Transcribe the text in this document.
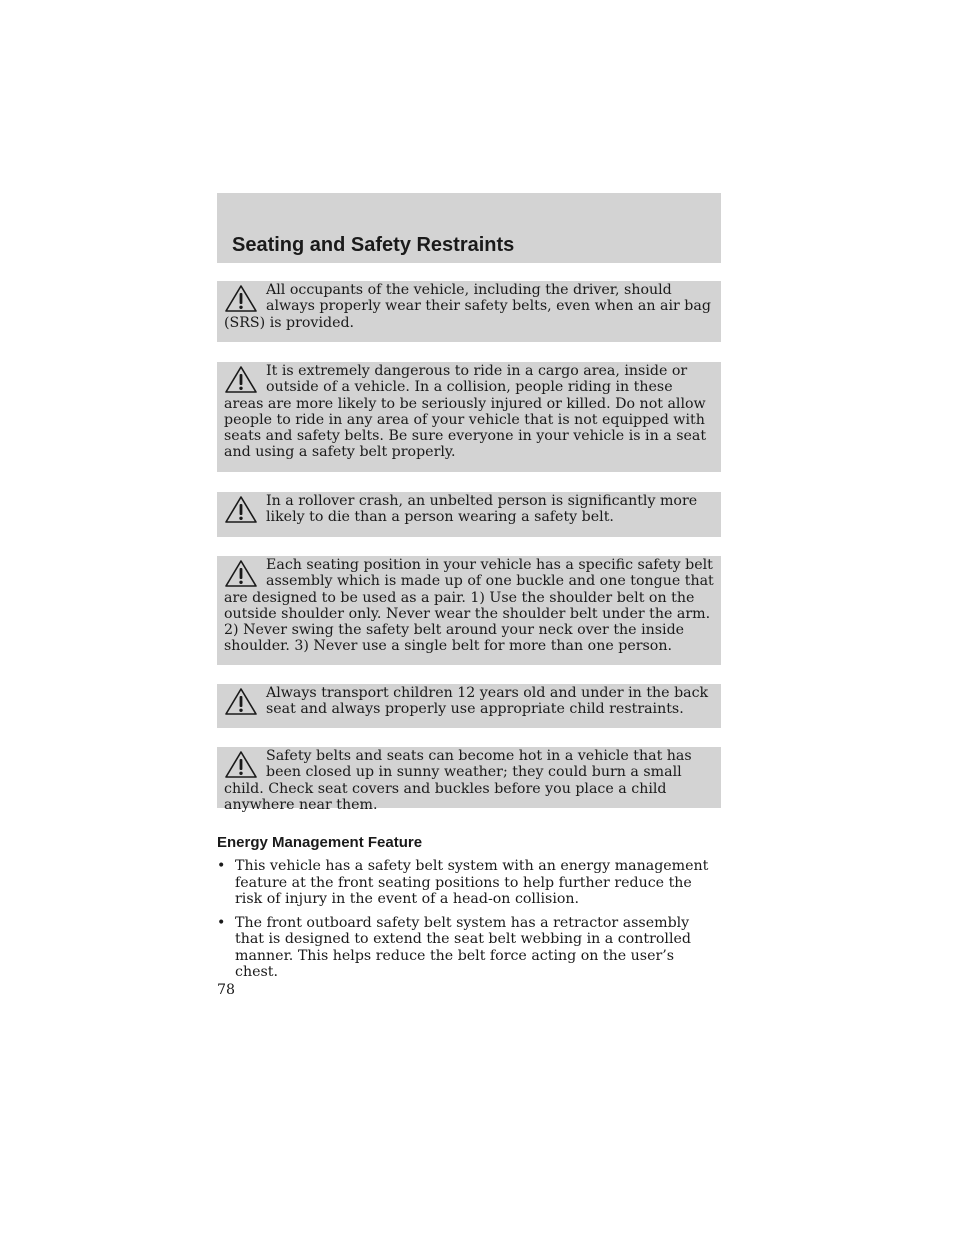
Seating and Safety Restraints

All occupants of the vehicle, including the driver, should always properly wear their safety belts, even when an air bag (SRS) is provided.

It is extremely dangerous to ride in a cargo area, inside or outside of a vehicle. In a collision, people riding in these areas are more likely to be seriously injured or killed. Do not allow people to ride in any area of your vehicle that is not equipped with seats and safety belts. Be sure everyone in your vehicle is in a seat and using a safety belt properly.

In a rollover crash, an unbelted person is significantly more likely to die than a person wearing a safety belt.

Each seating position in your vehicle has a specific safety belt assembly which is made up of one buckle and one tongue that are designed to be used as a pair. 1) Use the shoulder belt on the outside shoulder only. Never wear the shoulder belt under the arm. 2) Never swing the safety belt around your neck over the inside shoulder. 3) Never use a single belt for more than one person.

Always transport children 12 years old and under in the back seat and always properly use appropriate child restraints.

Safety belts and seats can become hot in a vehicle that has been closed up in sunny weather; they could burn a small child. Check seat covers and buckles before you place a child anywhere near them.

Energy Management Feature
• This vehicle has a safety belt system with an energy management feature at the front seating positions to help further reduce the risk of injury in the event of a head-on collision.
• The front outboard safety belt system has a retractor assembly that is designed to extend the seat belt webbing in a controlled manner. This helps reduce the belt force acting on the user’s chest.

78
